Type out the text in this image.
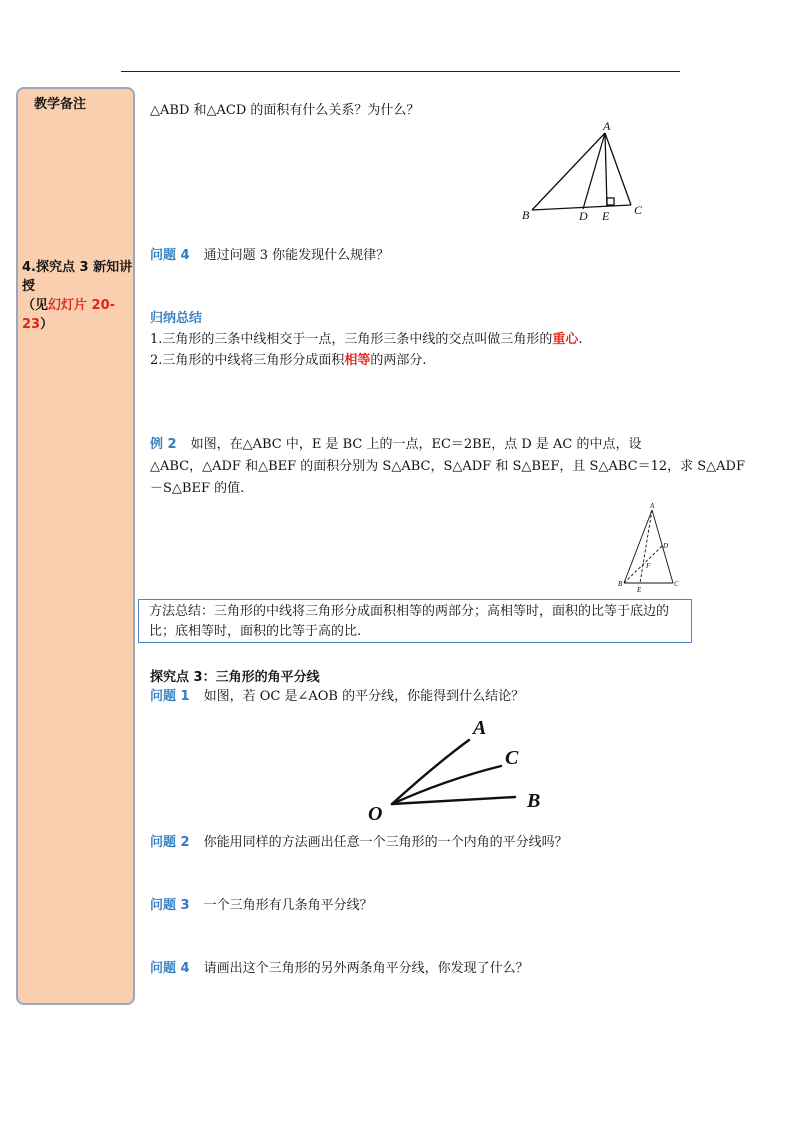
教学备注
4.探究点 3 新知讲授
（见幻灯片 20-23）
△ABD 和△ACD 的面积有什么关系？为什么？
A
B	D E C
问题 4 通过问题 3 你能发现什么规律？
归纳总结
1.三角形的三条中线相交于一点，三角形三条中线的交点叫做三角形的重心.
2.三角形的中线将三角形分成面积相等的两部分.
例 2 如图，在△ABC 中，E 是 BC 上的一点，EC＝2BE，点 D 是 AC 的中点，设
△ABC，△ADF 和△BEF 的面积分别为 S△ABC，S△ADF 和 S△BEF，且 S△ABC＝12，求 S△ADF
－S△BEF 的值.
A
D
F
B
E
C
方法总结：三角形的中线将三角形分成面积相等的两部分；高相等时，面积的比等于底边的比；底相等时，面积的比等于高的比.
探究点 3：三角形的角平分线
问题 1 如图，若 OC 是∠AOB 的平分线，你能得到什么结论？
A
C
B
O
问题 2 你能用同样的方法画出任意一个三角形的一个内角的平分线吗？
问题 3 一个三角形有几条角平分线？
问题 4 请画出这个三角形的另外两条角平分线，你发现了什么？
